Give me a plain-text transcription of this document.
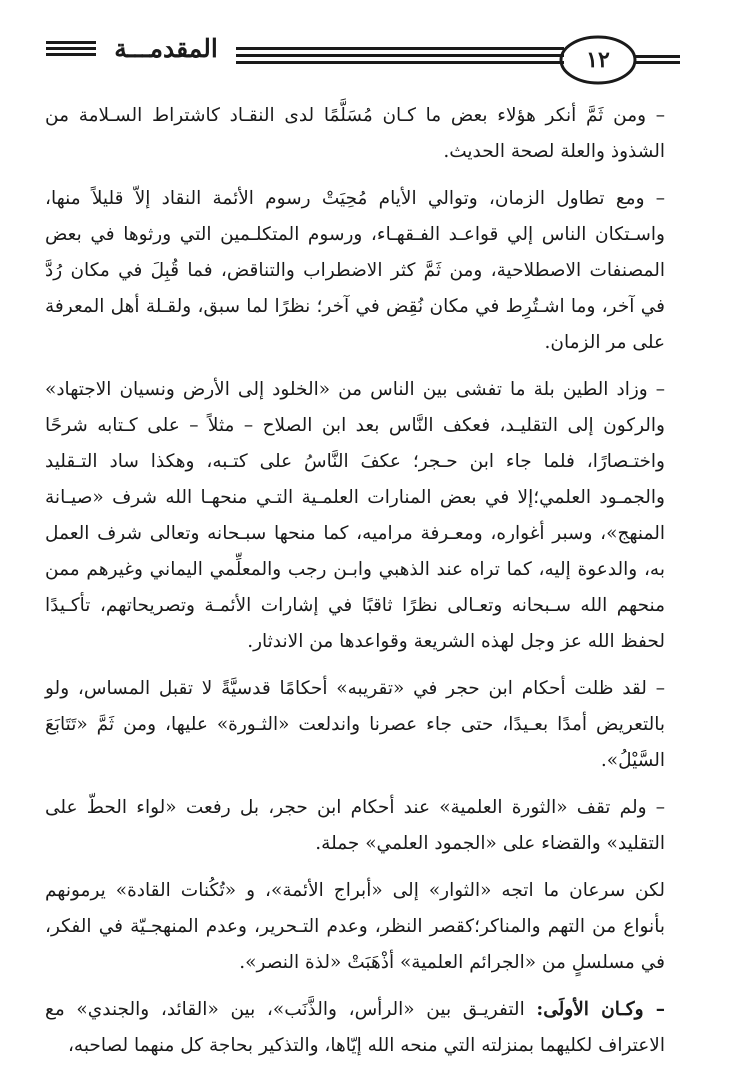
المقدمـــة	١٢

– ومن ثَمَّ أنكر هؤلاء بعض ما كـان مُسَلَّمًا لدى النقـاد كاشتراط السـلامة من الشذوذ والعلة لصحة الحديث.

– ومع تطاول الزمان، وتوالي الأيام مُحِيَتْ رسوم الأئمة النقاد إلاّ قليلاً منها، واسـتكان الناس إلي قواعـد الفـقهـاء، ورسوم المتكلـمين التي ورثوها في بعض المصنفات الاصطلاحية، ومن ثَمَّ كثر الاضطراب والتناقض، فما قُبِلَ في مكان رُدَّ في آخر، وما اشـتُرِط في مكان نُقِض في آخر؛ نظرًا لما سبق، ولقـلة أهل المعرفة على مر الزمان.

– وزاد الطين بلة ما تفشى بين الناس من «الخلود إلى الأرض ونسيان الاجتهاد» والركون إلى التقليـد، فعكف النَّاس بعد ابن الصلاح – مثلاً – على كـتابه شرحًا واختـصارًا، فلما جاء ابن حـجر؛ عكفَ النَّاسُ على كتـبه، وهكذا ساد التـقليد والجمـود العلمي؛إلا في بعض المنارات العلمـية التـي منحهـا الله شرف «صيـانة المنهج»، وسبر أغواره، ومعـرفة مراميه، كما منحها سبـحانه وتعالى شرف العمل به، والدعوة إليه، كما تراه عند الذهبي وابـن رجب والمعلِّمي اليماني وغيرهم ممن منحهم الله سـبحانه وتعـالى نظرًا ثاقبًا في إشارات الأئمـة وتصريحاتهم، تأكـيدًا لحفظ الله عز وجل لهذه الشريعة وقواعدها من الاندثار.

– لقد ظلت أحكام ابن حجر في «تقريبه» أحكامًا قدسيَّةً لا تقبل المساس، ولو بالتعريض أمدًا بعـيدًا، حتى جاء عصرنا واندلعت «الثـورة» عليها، ومن ثَمَّ «تَتَابَعَ السَّيْلُ».

– ولم تقف «الثورة العلمية» عند أحكام ابن حجر، بل رفعت «لواء الحطّ على التقليد» والقضاء على «الجمود العلمي» جملة.

لكن سرعان ما اتجه «الثوار» إلى «أبراج الأئمة»، و «تُكُنات القادة» يرمونهم بأنواع من التهم والمناكر؛كقصر النظر، وعدم التـحرير، وعدم المنهجـيّة في الفكر، في مسلسلٍ من «الجرائم العلمية» أذْهَبَتْ «لذة النصر».

– وكـان الأولَى: التفريـق بين «الرأس، والذَّنَب»، بين «القائد، والجندي» مع الاعتراف لكليهما بمنزلته التي منحه الله إيّاها، والتذكير بحاجة كل منهما لصاحبه،
